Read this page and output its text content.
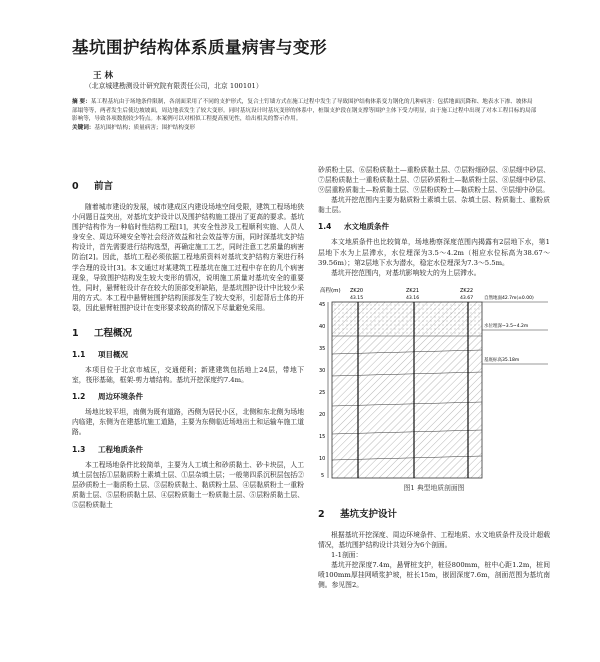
基坑围护结构体系质量病害与变形
王 林
（北京城建勘测设计研究院有限责任公司，北京 100101）

摘 要：某工程基坑由于场地条件限制，各剖面采用了不同的支护形式，复合土钉墙方式在施工过程中发生了导致围护结构体系变力钢化的几种病害：包括地面沉降和、地表水下渗、坡体局部塌等等，两者发生后使边坡坡面，周边地表发生了较大变形。同时基坑设计时基坑变形的体系中，桩锚支护段在钢支撑等围护主体下受力明显，由于施工过程中出现了对本工程目标的局部影响等，导致各项数据较少特点。本案例可以对相似工程提高预见性，给出相关的警示作用。

关键词：基坑围护结构；质量病害；围护结构变形

0 前言

随着城市建设的发展，城市建成区内建设场地空间受限，建筑工程场地狭小问题日益突出，对基坑支护设计以及围护结构施工提出了更高的要求。基坑围护结构作为一种临时性结构工程[1]，其安全性涉及工程顺利实施、人员人身安全、周边环境安全等社会经济效益和社会效益等方面，同时深基坑支护结构设计，首先需要进行结构选型，再确定施工工艺，同时注意工艺质量的病害防治[2]。因此，基坑工程必须依据工程地质资料对基坑支护结构方案进行科学合理的设计[3]。本文通过对某建筑工程基坑在施工过程中存在的几个病害现象，导致围护结构发生较大变形的情况，说明施工质量对基坑安全的重要性，同时，悬臂桩设计存在较大的顶部变形缺陷，是基坑围护设计中比较少采用的方式。本工程中悬臂桩围护结构顶部发生了较大变形，引起背后土体的开裂，因此悬臂桩围护设计在变形要求较高的情况下尽量避免采用。

1 工程概况
1.1 项目概况

本项目位于北京市城区，交通便利；新建建筑包括地上24层，带地下室，筏形基础，框架-剪力墙结构。基坑开挖深度约7.4m。

1.2 周边环境条件

场地比较平坦，南侧为既有道路，西侧为居民小区，北侧和东北侧为场地内临建，东侧为在建基坑施工道路，主要为东侧临近场地出土和运输车施工道路。

1.3 工程地质条件

本工程场地条件比较简单，主要为人工填土和砂质黏土、砂卡块层，人工填土层包括①层黏质粉土素填土层、①层杂填土层；一般第四系沉积层包括②层砂质粉土一黏质粉土层、③层粉质黏土、黏质粉土层、④层黏质粉土一重粉质黏土层、⑤层粉质黏土层、④层粉质黏土一粉质黏土层、⑤层粉质黏土层、⑤层粉质黏土

砂质粉土层、⑥层粉质黏土—重粉质黏土层、⑦层粉细砂层、⑧层细中砂层、⑦层粉质黏土一重粉质黏土层、⑦层砂质粉土—黏质粉土层、⑧层细中砂层、⑨层重粉质黏土—粉质黏土层、⑨层粉质粉土—黏质粉土层、⑨层细中砂层。

基坑开挖范围内主要为黏质粉土素填土层、杂填土层、粉质黏土、重粉质黏土层。

1.4 水文地质条件

本文地质条件也比较简单，场地勘察深度范围内揭露有2层地下水，第1层地下水为上层滞水，水位埋深为3.5～4.2m（相应水位标高为38.67～39.56m）；第2层地下水为潜水，稳定水位埋深为7.3～5.5m。

基坑开挖范围内，对基坑影响较大的为上层滞水。

高程(m)
45
40
35
30
25
20
15
10
5
ZK20	ZK21	ZK22
43.15	43.16	43.67 自然地面42.7m(±0.00)
水位埋深~3.5~4.2m
基底标高35.18m
图1 典型地质剖面图
2 基坑支护设计

根据基坑开挖深度、周边环境条件、工程地质、水文地质条件及设计超载情况，基坑围护结构设计共划分为6个剖面。

1-1剖面：

基坑开挖深度7.4m，悬臂桩支护，桩径800mm，桩中心距1.2m，桩间喷100mm厚挂网喷浆护坡，桩长15m，嵌固深度7.6m，剖面范围为基坑南侧。参见图2。
